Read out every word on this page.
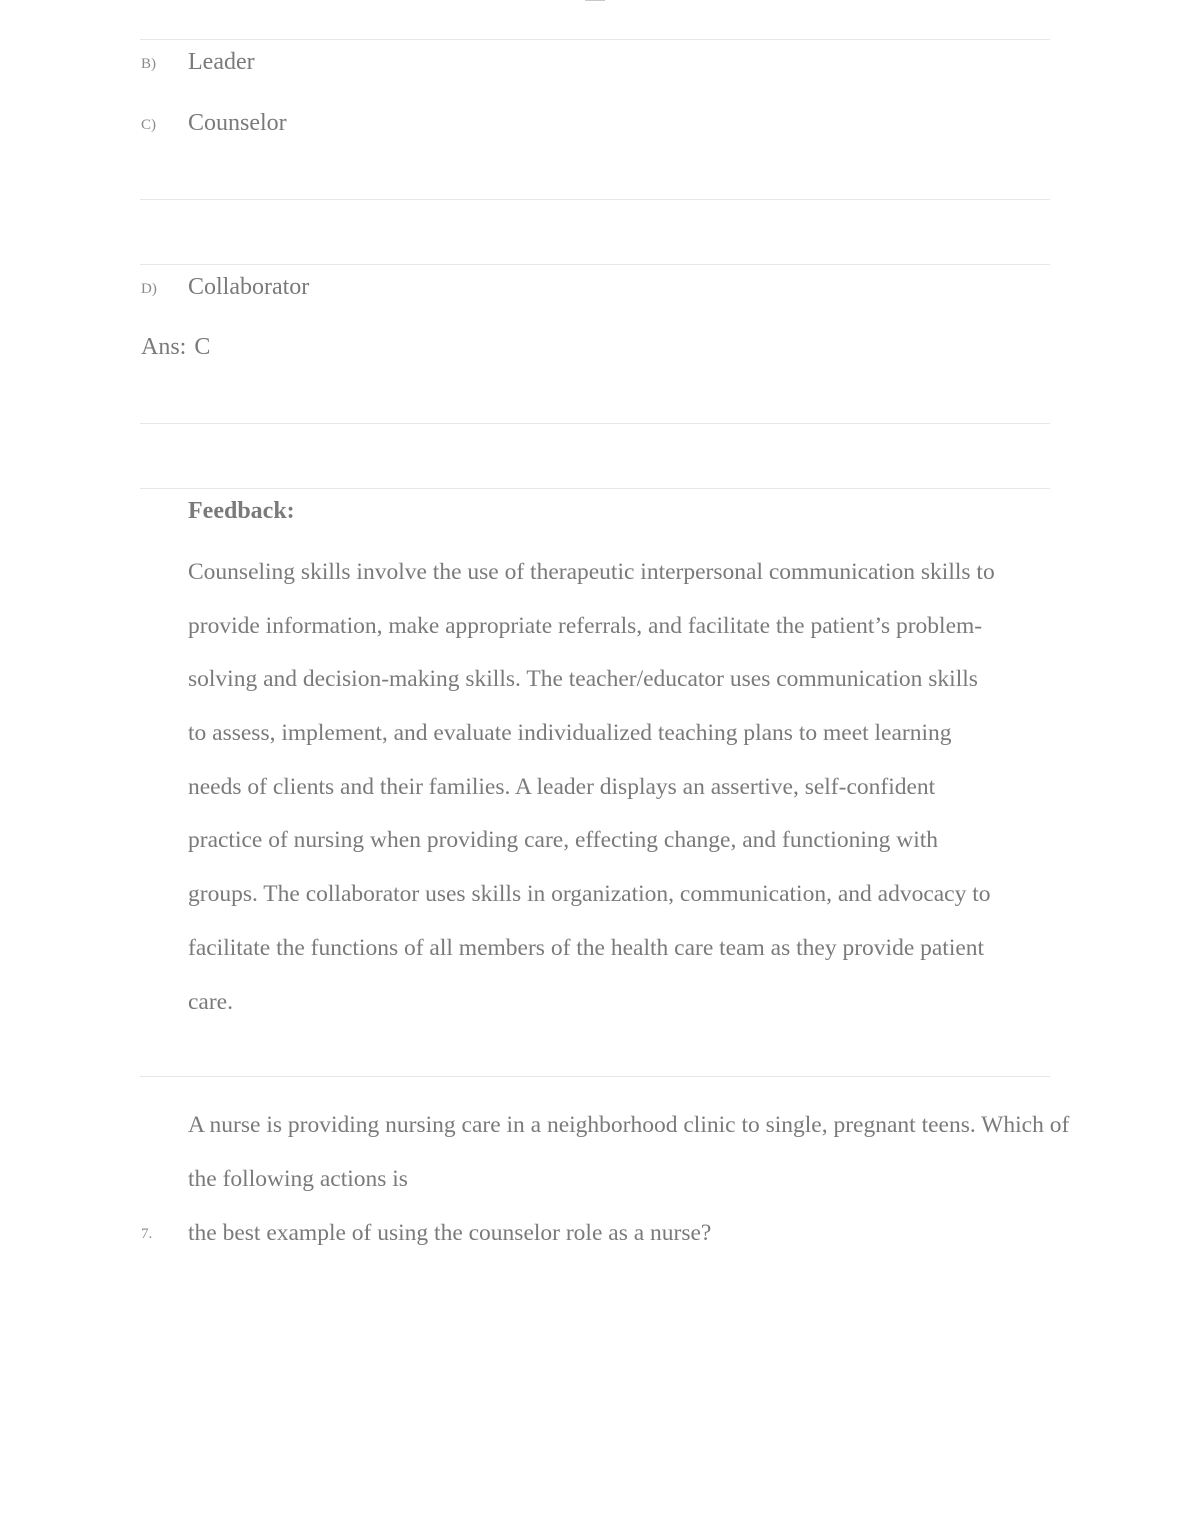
B) Leader
C) Counselor
D) Collaborator
Ans: C
Feedback:
Counseling skills involve the use of therapeutic interpersonal communication skills to
provide information, make appropriate referrals, and facilitate the patient’s problem-
solving and decision-making skills. The teacher/educator uses communication skills
to assess, implement, and evaluate individualized teaching plans to meet learning
needs of clients and their families. A leader displays an assertive, self-confident
practice of nursing when providing care, effecting change, and functioning with
groups. The collaborator uses skills in organization, communication, and advocacy to
facilitate the functions of all members of the health care team as they provide patient
care.
A nurse is providing nursing care in a neighborhood clinic to single, pregnant teens. Which of
the following actions is
7. the best example of using the counselor role as a nurse?
